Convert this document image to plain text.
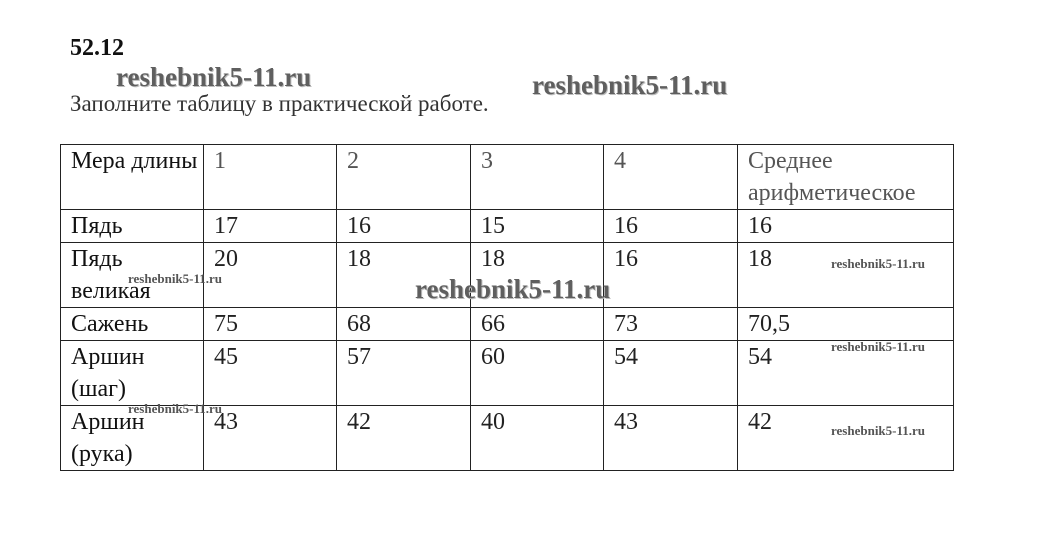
52.12
Заполните таблицу в практической работе.
Мера длины	1	2	3	4	Среднее арифметическое
Пядь	17	16	15	16	16
Пядь великая	20	18	18	16	18
Сажень	75	68	66	73	70,5
Аршин (шаг)	45	57	60	54	54
Аршин (рука)	43	42	40	43	42
reshebnik5-11.ru	reshebnik5-11.ru
reshebnik5-11.ru
reshebnik5-11.ru
reshebnik5-11.ru
reshebnik5-11.ru
reshebnik5-11.ru
reshebnik5-11.ru
